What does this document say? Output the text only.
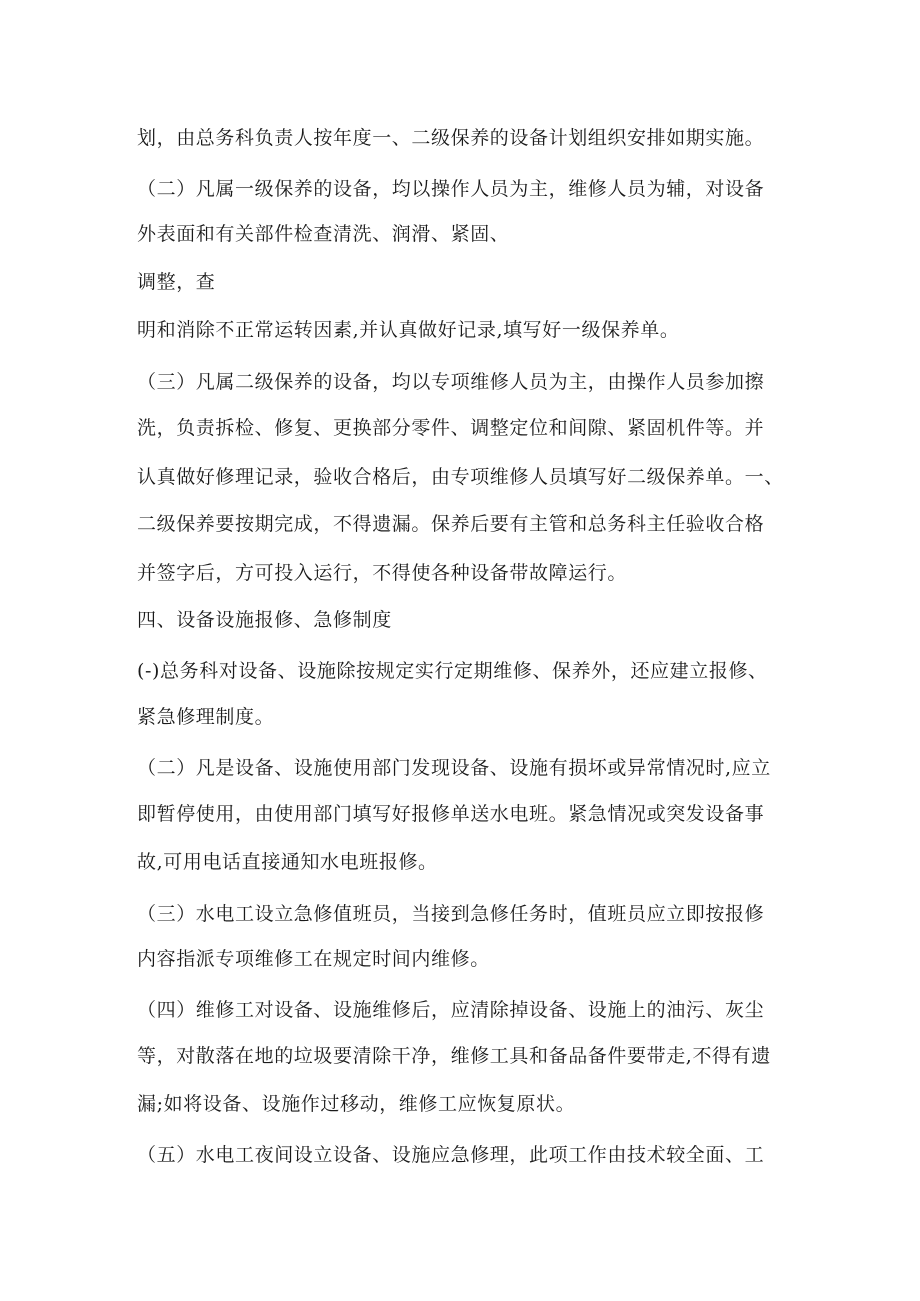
划，由总务科负责人按年度一、二级保养的设备计划组织安排如期实施。
（二）凡属一级保养的设备，均以操作人员为主，维修人员为辅，对设备
外表面和有关部件检查清洗、润滑、紧固、
调整，查
明和消除不正常运转因素,并认真做好记录,填写好一级保养单。
（三）凡属二级保养的设备，均以专项维修人员为主，由操作人员参加擦
洗，负责拆检、修复、更换部分零件、调整定位和间隙、紧固机件等。并
认真做好修理记录，验收合格后，由专项维修人员填写好二级保养单。一、
二级保养要按期完成，不得遗漏。保养后要有主管和总务科主任验收合格
并签字后，方可投入运行，不得使各种设备带故障运行。
四、设备设施报修、急修制度
(-)总务科对设备、设施除按规定实行定期维修、保养外，还应建立报修、
紧急修理制度。
（二）凡是设备、设施使用部门发现设备、设施有损坏或异常情况时,应立
即暂停使用，由使用部门填写好报修单送水电班。紧急情况或突发设备事
故,可用电话直接通知水电班报修。
（三）水电工设立急修值班员，当接到急修任务时，值班员应立即按报修
内容指派专项维修工在规定时间内维修。
（四）维修工对设备、设施维修后，应清除掉设备、设施上的油污、灰尘
等，对散落在地的垃圾要清除干净，维修工具和备品备件要带走,不得有遗
漏;如将设备、设施作过移动，维修工应恢复原状。
（五）水电工夜间设立设备、设施应急修理，此项工作由技术较全面、工
